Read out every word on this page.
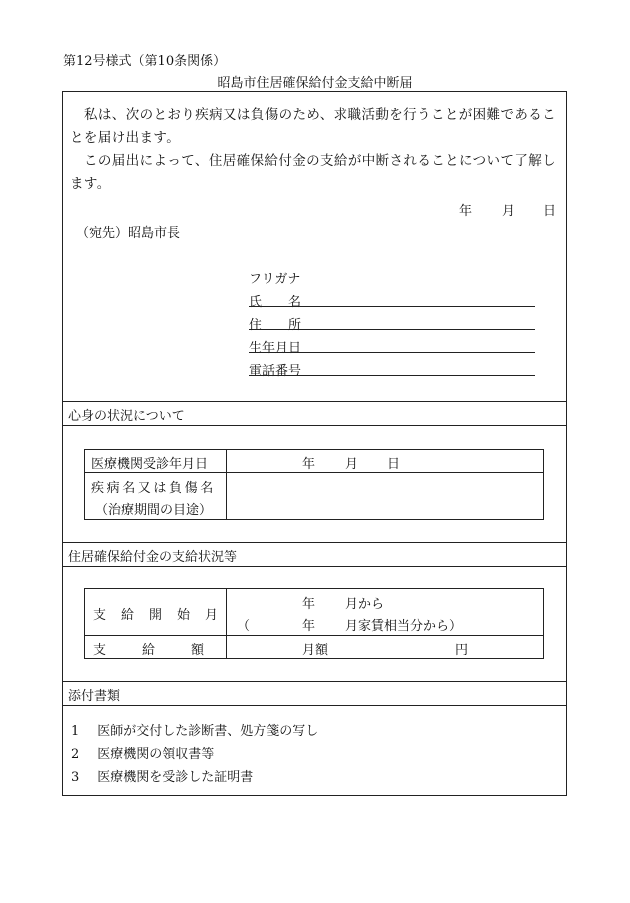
第12号様式（第10条関係）
昭島市住居確保給付金支給中断届
私は、次のとおり疾病又は負傷のため、求職活動を行うことが困難であることを届け出ます。
この届出によって、住居確保給付金の支給が中断されることについて了解します。
年 月 日
（宛先）昭島市長
フリガナ
氏　　名
住　　所
生年月日
電話番号
心身の状況について
医療機関受診年月日	年 月 日

疾病名又は負傷名
（治療期間の目途）	

住居確保給付金の支給状況等
支給開始月	年 月から
（ 年 月家賃相当分から）

支給額	月額 円
添付書類
1 医師が交付した診断書、処方箋の写し
2 医療機関の領収書等
3 医療機関を受診した証明書
